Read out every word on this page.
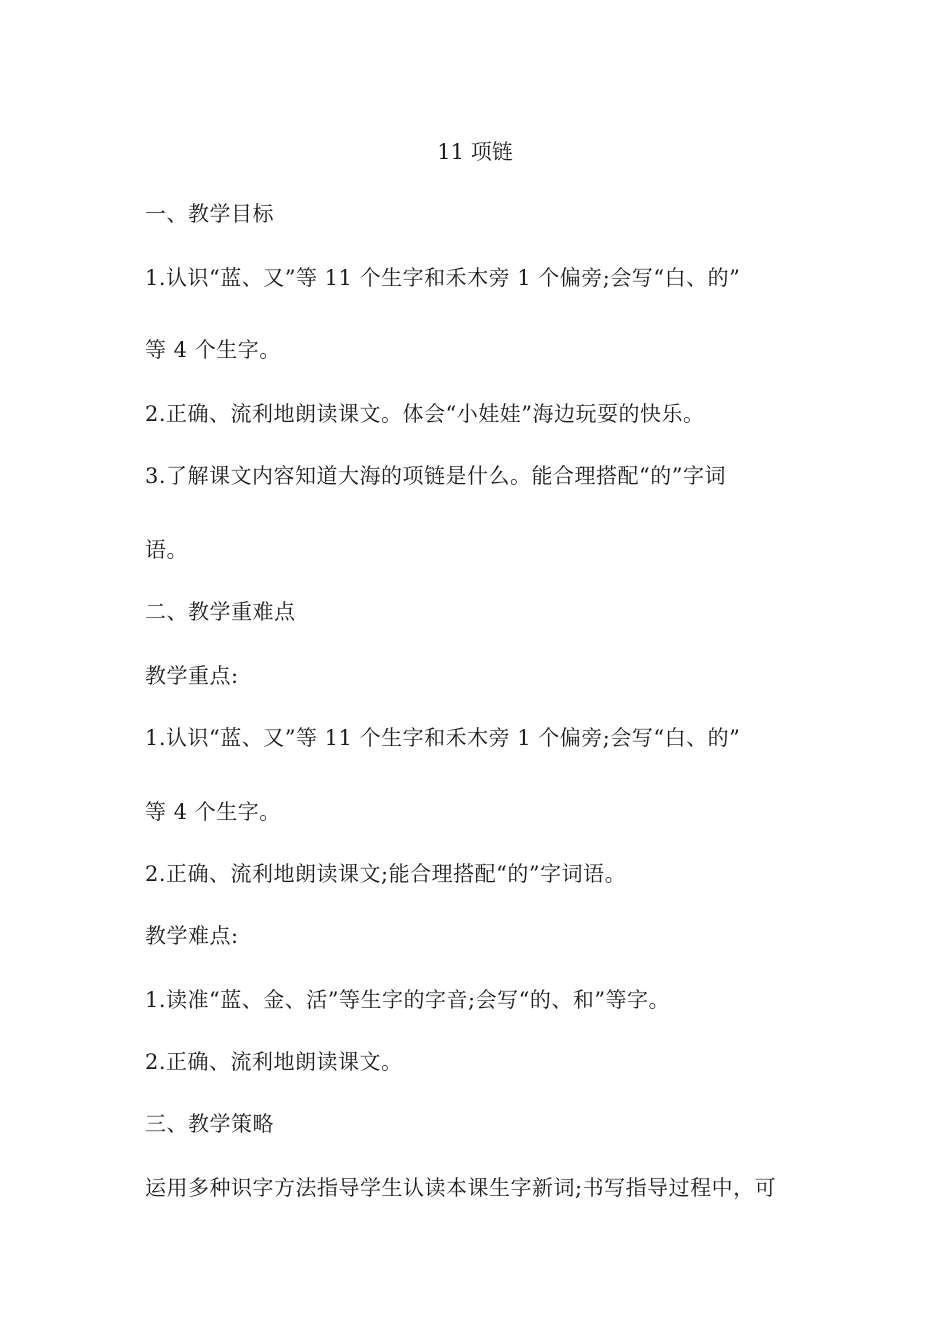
11 项链
一、教学目标
1.认识“蓝、又”等 11 个生字和禾木旁 1 个偏旁;会写“白、的”
等 4 个生字。
2.正确、流利地朗读课文。体会“小娃娃”海边玩耍的快乐。
3.了解课文内容知道大海的项链是什么。能合理搭配“的”字词
语。
二、教学重难点
教学重点:
1.认识“蓝、又”等 11 个生字和禾木旁 1 个偏旁;会写“白、的”
等 4 个生字。
2.正确、流利地朗读课文;能合理搭配“的”字词语。
教学难点:
1.读准“蓝、金、活”等生字的字音;会写“的、和”等字。
2.正确、流利地朗读课文。
三、教学策略
运用多种识字方法指导学生认读本课生字新词;书写指导过程中，可
